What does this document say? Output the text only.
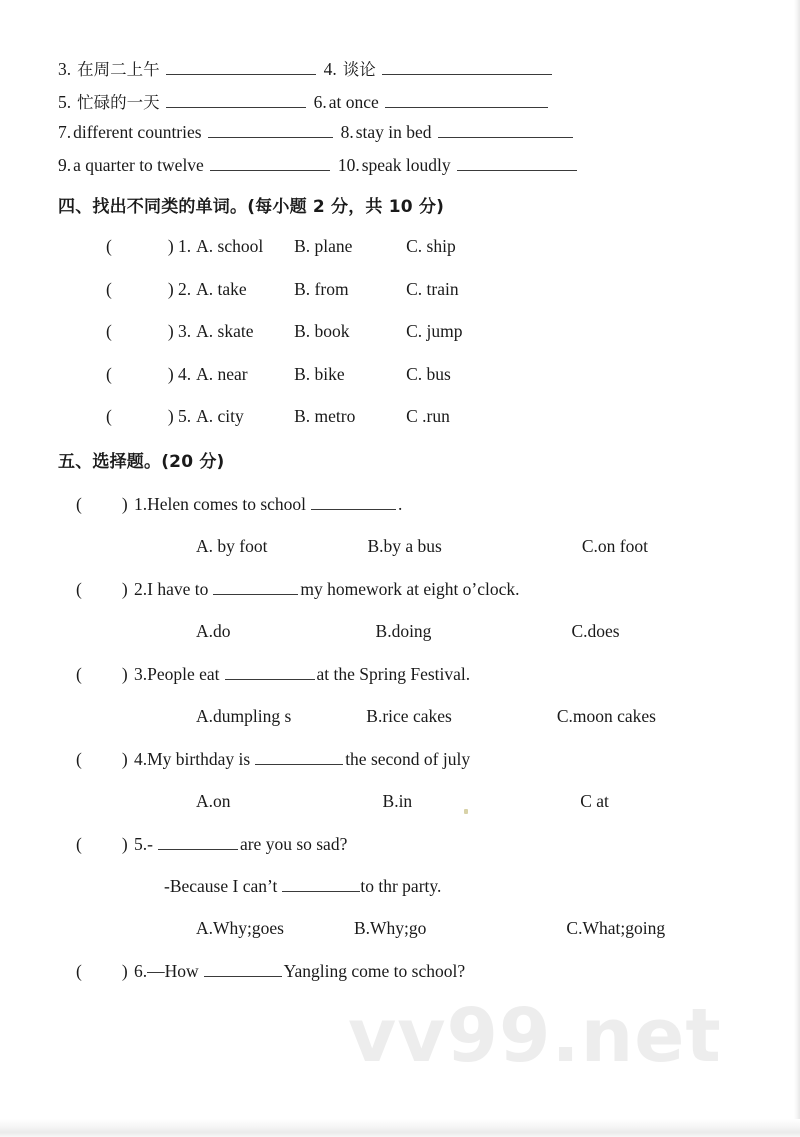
vv99.net
3. 在周二上午	4. 谈论
5. 忙碌的一天	6. at once
7. different countries	8. stay in bed
9. a quarter to twelve	10. speak loudly
四、找出不同类的单词。(每小题 2 分，共 10 分)
(	) 1. A. school	B. plane	C. ship
(	) 2. A. take	B. from	C. train
(	) 3. A. skate	B. book	C. jump
(	) 4. A. near	B. bike	C. bus
(	) 5. A. city	B. metro	C .run
五、选择题。(20 分)
( ) 1. Helen comes to school	.
A. by foot	B.by a bus	C.on foot
( ) 2. I have to	my homework at eight o’clock.
A.do	B.doing	C.does
( ) 3. People eat	at the Spring Festival.
A.dumpling s	B.rice cakes	C.moon cakes
( ) 4. My birthday is	the second of july
A.on	B.in	C at
( ) 5. -	are you so sad?
-Because I can’t	to thr party.
A.Why;goes	B.Why;go	C.What;going
( ) 6. —How	Yangling come to school?
